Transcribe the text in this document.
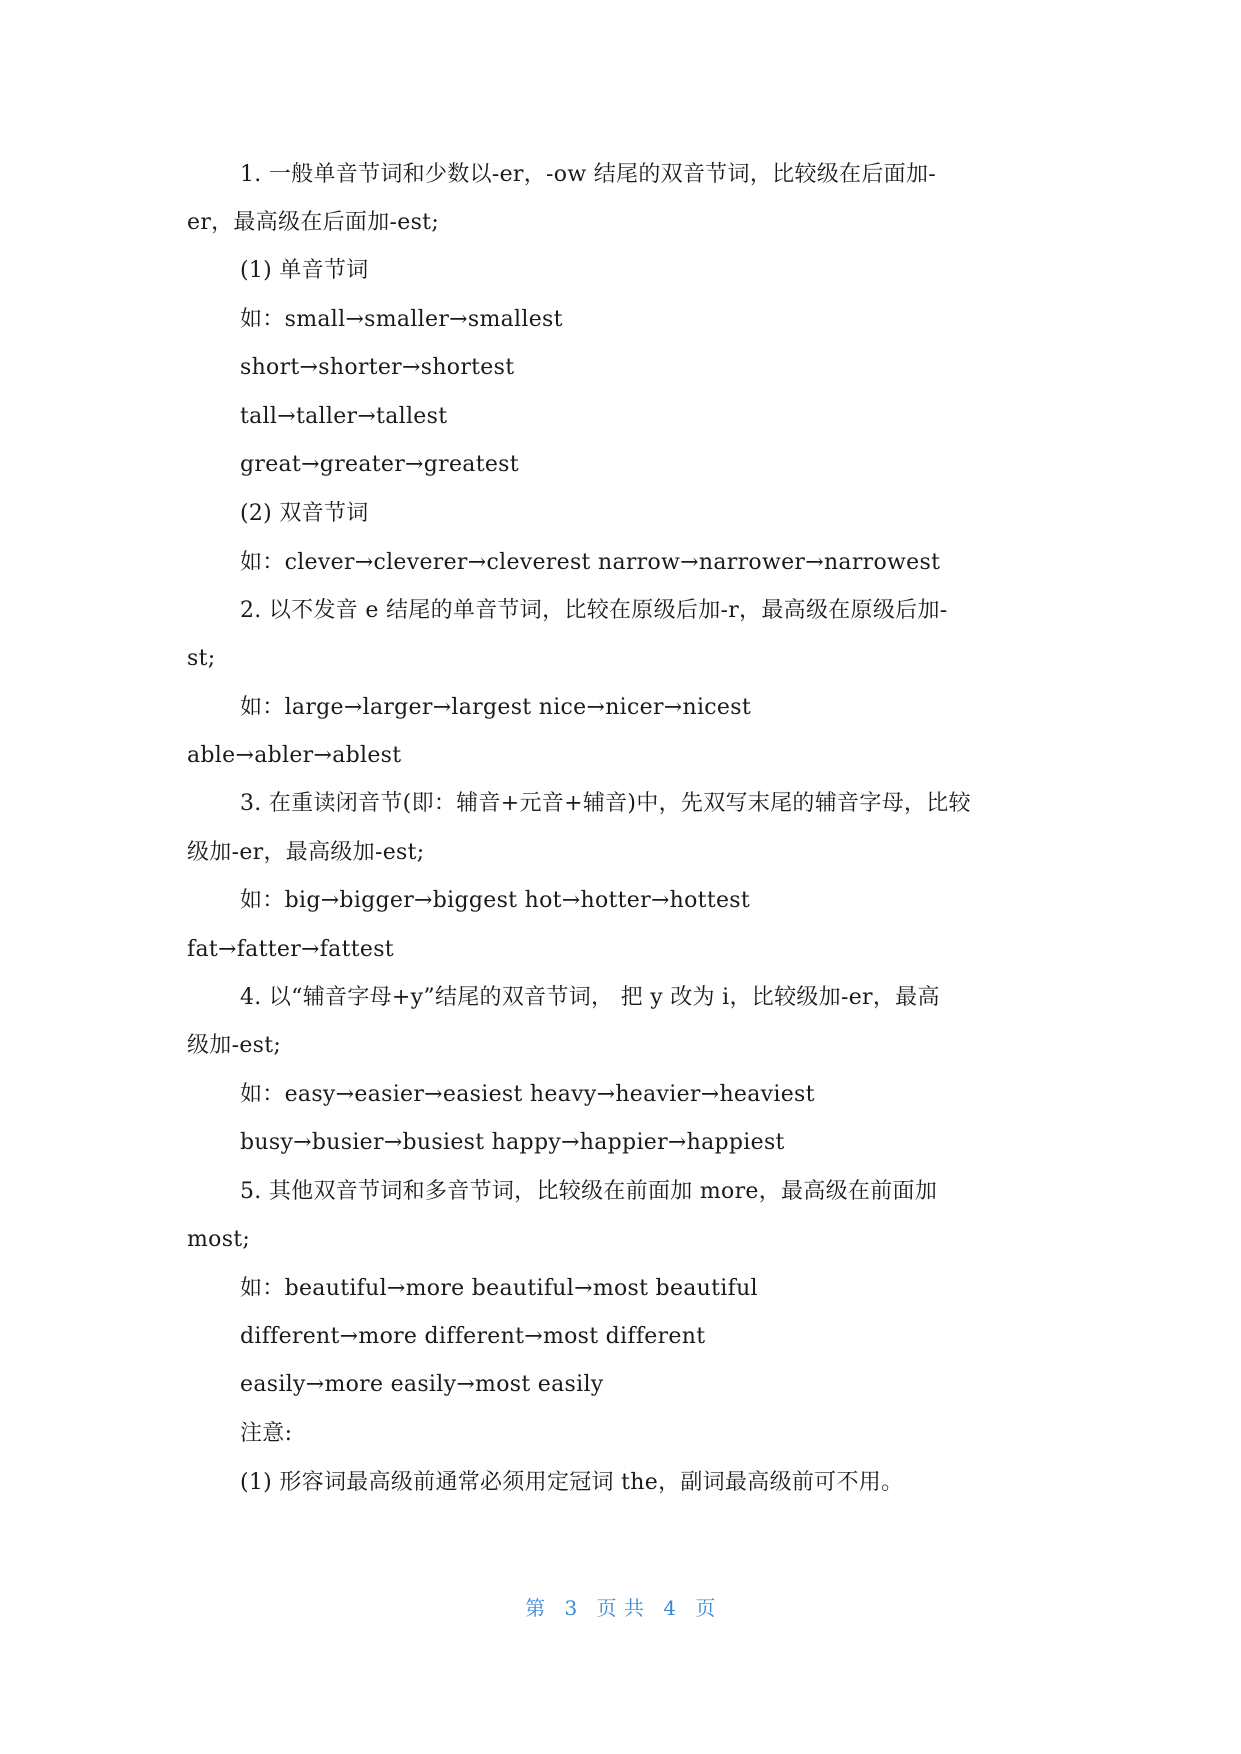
1. 一般单音节词和少数以-er，-ow 结尾的双音节词，比较级在后面加-
er，最高级在后面加-est;
(1) 单音节词
如：small→smaller→smallest
short→shorter→shortest
tall→taller→tallest
great→greater→greatest
(2) 双音节词
如：clever→cleverer→cleverest narrow→narrower→narrowest
2. 以不发音 e 结尾的单音节词，比较在原级后加-r，最高级在原级后加-
st;
如：large→larger→largest nice→nicer→nicest
able→abler→ablest
3. 在重读闭音节(即：辅音+元音+辅音)中，先双写末尾的辅音字母，比较
级加-er，最高级加-est;
如：big→bigger→biggest hot→hotter→hottest
fat→fatter→fattest
4. 以“辅音字母+y”结尾的双音节词， 把 y 改为 i，比较级加-er，最高
级加-est;
如：easy→easier→easiest heavy→heavier→heaviest
busy→busier→busiest happy→happier→happiest
5. 其他双音节词和多音节词，比较级在前面加 more，最高级在前面加
most;
如：beautiful→more beautiful→most beautiful
different→more different→most different
easily→more easily→most easily
注意:
(1) 形容词最高级前通常必须用定冠词 the，副词最高级前可不用。
第 3 页 共 4 页
